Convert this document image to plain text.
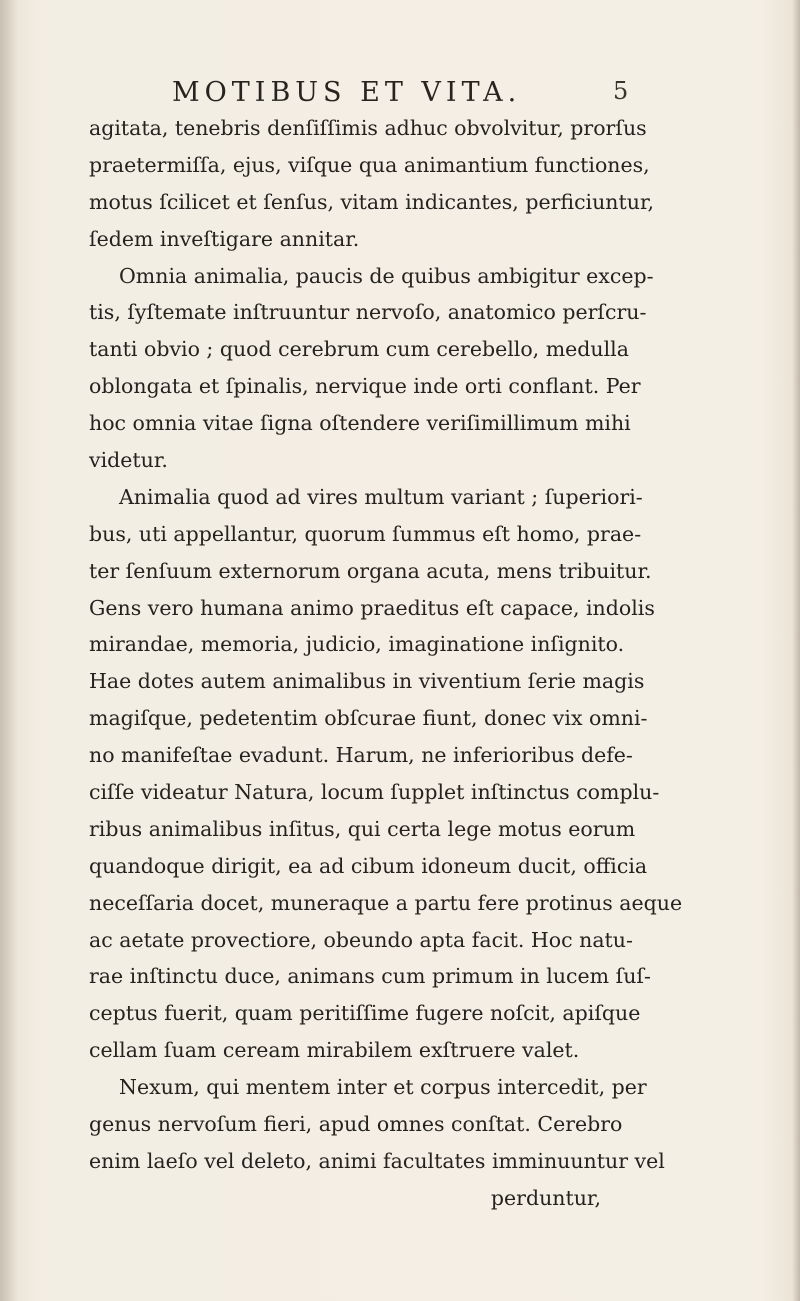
MOTIBUS ET VITA.	5
agitata, tenebris denſiſſimis adhuc obvolvitur, prorſus
praetermiſſa, ejus, viſque qua animantium functiones,
motus ſcilicet et ſenſus, vitam indicantes, perficiuntur,
ſedem inveſtigare annitar.
Omnia animalia, paucis de quibus ambigitur excep-
tis, ſyſtemate inſtruuntur nervoſo, anatomico perſcru-
tanti obvio ; quod cerebrum cum cerebello, medulla
oblongata et ſpinalis, nervique inde orti conflant. Per
hoc omnia vitae ſigna oſtendere veriſimillimum mihi
videtur.
Animalia quod ad vires multum variant ; ſuperiori-
bus, uti appellantur, quorum ſummus eſt homo, prae-
ter ſenſuum externorum organa acuta, mens tribuitur.
Gens vero humana animo praeditus eſt capace, indolis
mirandae, memoria, judicio, imaginatione inſignito.
Hae dotes autem animalibus in viventium ſerie magis
magiſque, pedetentim obſcurae fiunt, donec vix omni-
no manifeſtae evadunt. Harum, ne inferioribus defe-
ciſſe videatur Natura, locum ſupplet inſtinctus complu-
ribus animalibus inſitus, qui certa lege motus eorum
quandoque dirigit, ea ad cibum idoneum ducit, officia
neceſſaria docet, muneraque a partu fere protinus aeque
ac aetate provectiore, obeundo apta facit. Hoc natu-
rae inſtinctu duce, animans cum primum in lucem ſuſ-
ceptus fuerit, quam peritiſſime fugere noſcit, apiſque
cellam ſuam ceream mirabilem exſtruere valet.
Nexum, qui mentem inter et corpus intercedit, per
genus nervoſum fieri, apud omnes conſtat. Cerebro
enim laeſo vel deleto, animi facultates imminuuntur vel
perduntur,
